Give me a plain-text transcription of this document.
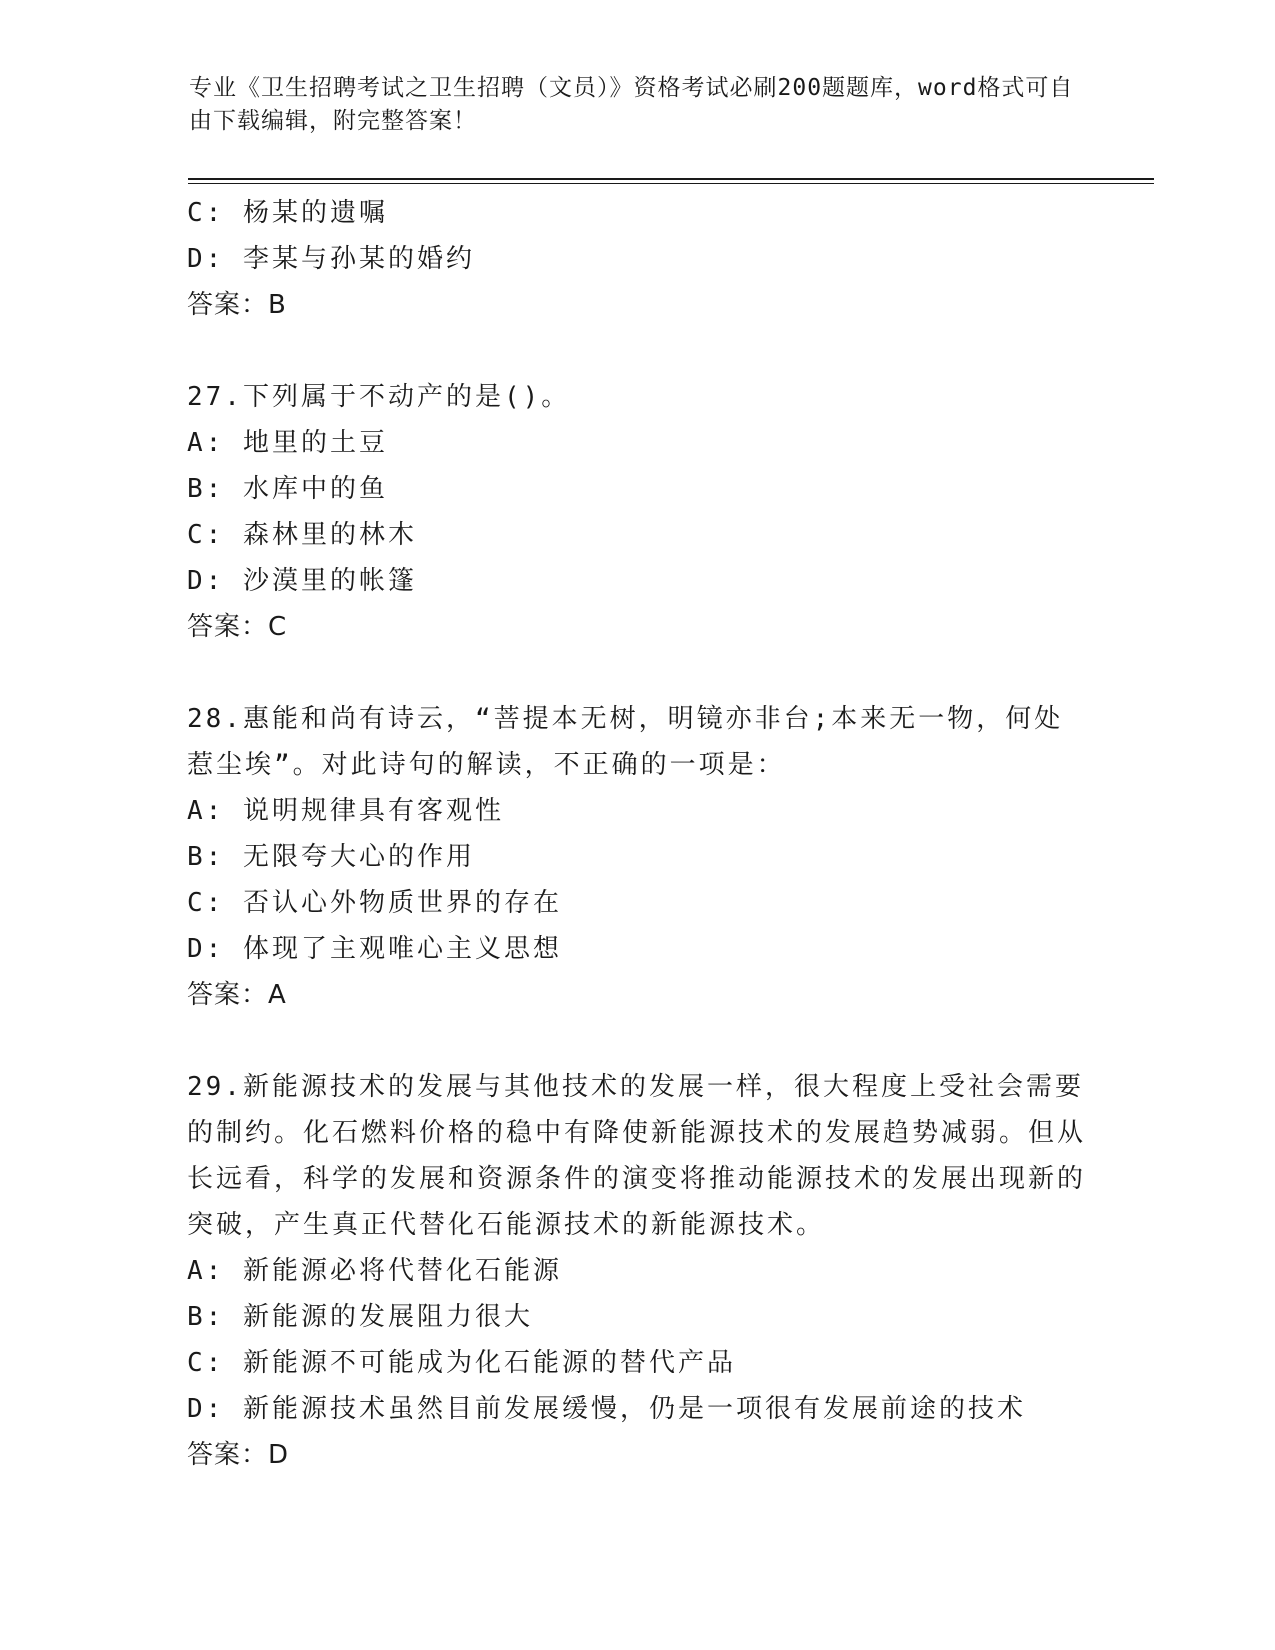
专业《卫生招聘考试之卫生招聘（文员）》资格考试必刷200题题库，word格式可自由下载编辑，附完整答案！
C: 杨某的遗嘱
D: 李某与孙某的婚约
答案：B
27.下列属于不动产的是()。
A: 地里的土豆
B: 水库中的鱼
C: 森林里的林木
D: 沙漠里的帐篷
答案：C
28.惠能和尚有诗云，“菩提本无树，明镜亦非台;本来无一物，何处惹尘埃”。对此诗句的解读，不正确的一项是：
A: 说明规律具有客观性
B: 无限夸大心的作用
C: 否认心外物质世界的存在
D: 体现了主观唯心主义思想
答案：A
29.新能源技术的发展与其他技术的发展一样，很大程度上受社会需要的制约。化石燃料价格的稳中有降使新能源技术的发展趋势减弱。但从长远看，科学的发展和资源条件的演变将推动能源技术的发展出现新的突破，产生真正代替化石能源技术的新能源技术。
A: 新能源必将代替化石能源
B: 新能源的发展阻力很大
C: 新能源不可能成为化石能源的替代产品
D: 新能源技术虽然目前发展缓慢，仍是一项很有发展前途的技术
答案：D
